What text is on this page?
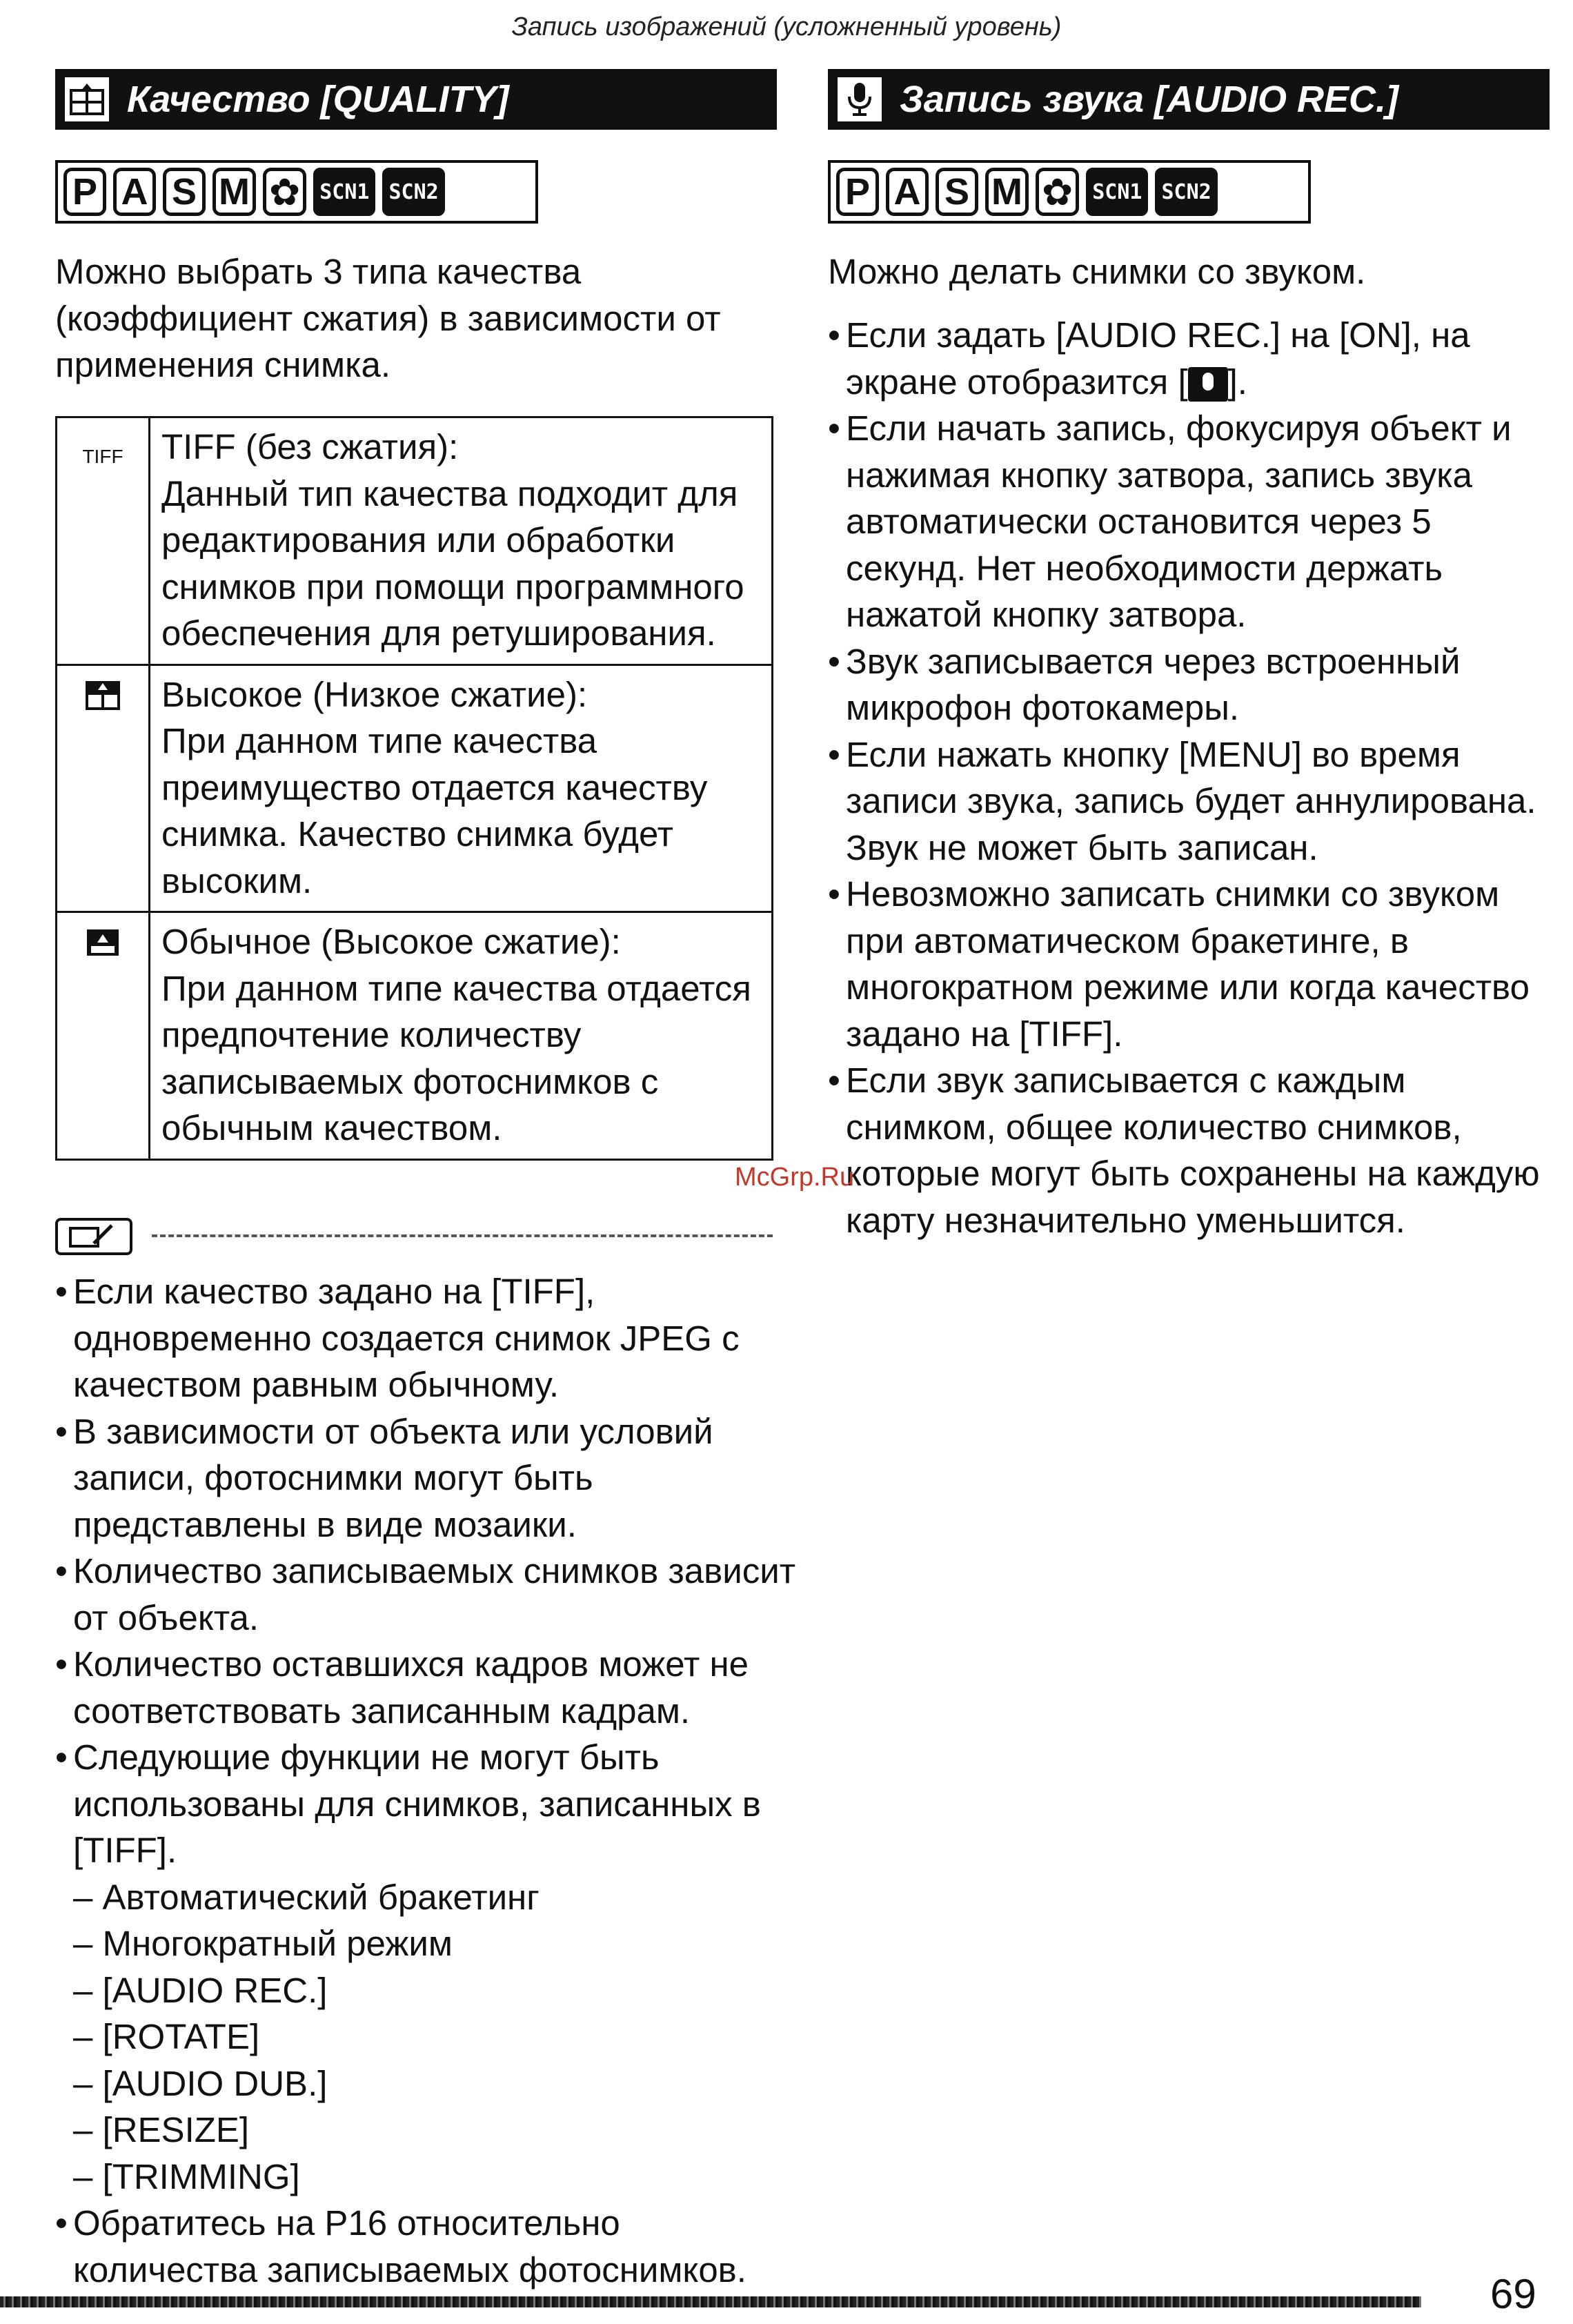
Запись изображений (усложненный уровень)
Качество [QUALITY]
P A S M ✿ SCN1 SCN2
Можно выбрать 3 типа качества (коэффициент сжатия) в зависимости от применения снимка.
TIFF	TIFF (без сжатия):
Данный тип качества подходит для редактирования или обработки снимков при помощи программного обеспечения для ретуширования.

Высокое (Низкое сжатие):
При данном типе качества преимущество отдается качеству снимка. Качество снимка будет высоким.

Обычное (Высокое сжатие):
При данном типе качества отдается предпочтение количеству записываемых фотоснимков с обычным качеством.
• Если качество задано на [TIFF], одновременно создается снимок JPEG с качеством равным обычному.
• В зависимости от объекта или условий записи, фотоснимки могут быть представлены в виде мозаики.
• Количество записываемых снимков зависит от объекта.
• Количество оставшихся кадров может не соответствовать записанным кадрам.
• Следующие функции не могут быть использованы для снимков, записанных в [TIFF].
– Автоматический бракетинг
– Многократный режим
– [AUDIO REC.]
– [ROTATE]
– [AUDIO DUB.]
– [RESIZE]
– [TRIMMING]
• Обратитесь на P16 относительно количества записываемых фотоснимков.
Запись звука [AUDIO REC.]
P A S M ✿ SCN1 SCN2
Можно делать снимки со звуком.
• Если задать [AUDIO REC.] на [ON], на экране отобразится [ ].
• Если начать запись, фокусируя объект и нажимая кнопку затвора, запись звука автоматически остановится через 5 секунд. Нет необходимости держать нажатой кнопку затвора.
• Звук записывается через встроенный микрофон фотокамеры.
• Если нажать кнопку [MENU] во время записи звука, запись будет аннулирована. Звук не может быть записан.
• Невозможно записать снимки со звуком при автоматическом бракетинге, в многократном режиме или когда качество задано на [TIFF].
• Если звук записывается с каждым снимком, общее количество снимков, которые могут быть сохранены на каждую карту незначительно уменьшится.
McGrp.Ru
69
